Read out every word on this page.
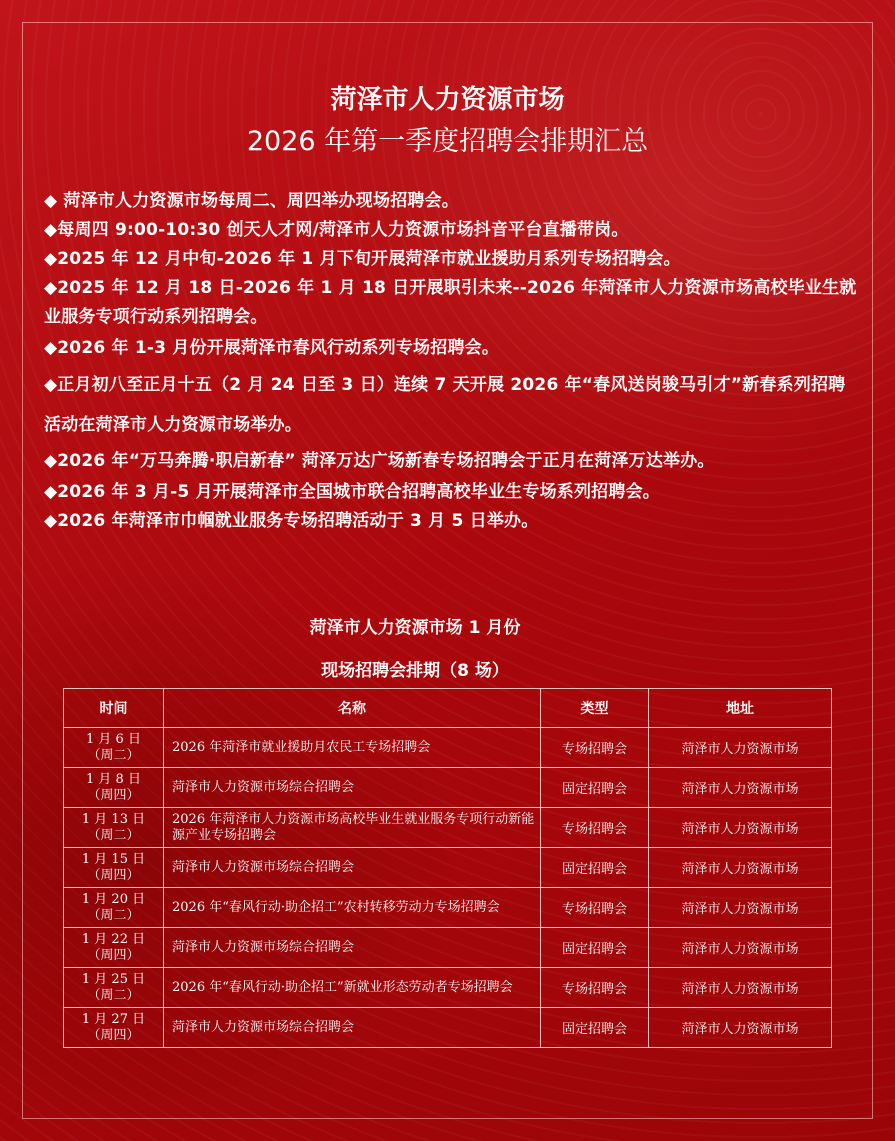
菏泽市人力资源市场
2026 年第一季度招聘会排期汇总

◆ 菏泽市人力资源市场每周二、周四举办现场招聘会。

◆每周四 9:00-10:30 创天人才网/菏泽市人力资源市场抖音平台直播带岗。

◆2025 年 12 月中旬-2026 年 1 月下旬开展菏泽市就业援助月系列专场招聘会。

◆2025 年 12 月 18 日-2026 年 1 月 18 日开展职引未来--2026 年菏泽市人力资源市场高校毕业生就业服务专项行动系列招聘会。

◆2026 年 1-3 月份开展菏泽市春风行动系列专场招聘会。

◆正月初八至正月十五（2 月 24 日至 3 日）连续 7 天开展 2026 年“春风送岗骏马引才”新春系列招聘活动在菏泽市人力资源市场举办。

◆2026 年“万马奔腾·职启新春” 菏泽万达广场新春专场招聘会于正月在菏泽万达举办。

◆2026 年 3 月-5 月开展菏泽市全国城市联合招聘高校毕业生专场系列招聘会。

◆2026 年菏泽市巾帼就业服务专场招聘活动于 3 月 5 日举办。

菏泽市人力资源市场 1 月份
现场招聘会排期（8 场）
时间	名称	类型	地址

1 月 6 日
（周二）	2026 年菏泽市就业援助月农民工专场招聘会	专场招聘会	菏泽市人力资源市场

1 月 8 日
（周四）	菏泽市人力资源市场综合招聘会	固定招聘会	菏泽市人力资源市场

1 月 13 日
（周二）	2026 年菏泽市人力资源市场高校毕业生就业服务专项行动新能源产业专场招聘会	专场招聘会	菏泽市人力资源市场

1 月 15 日
（周四）	菏泽市人力资源市场综合招聘会	固定招聘会	菏泽市人力资源市场

1 月 20 日
（周二）	2026 年“春风行动·助企招工”农村转移劳动力专场招聘会	专场招聘会	菏泽市人力资源市场

1 月 22 日
（周四）	菏泽市人力资源市场综合招聘会	固定招聘会	菏泽市人力资源市场

1 月 25 日
（周二）	2026 年“春风行动·助企招工”新就业形态劳动者专场招聘会	专场招聘会	菏泽市人力资源市场

1 月 27 日
（周四）	菏泽市人力资源市场综合招聘会	固定招聘会	菏泽市人力资源市场
